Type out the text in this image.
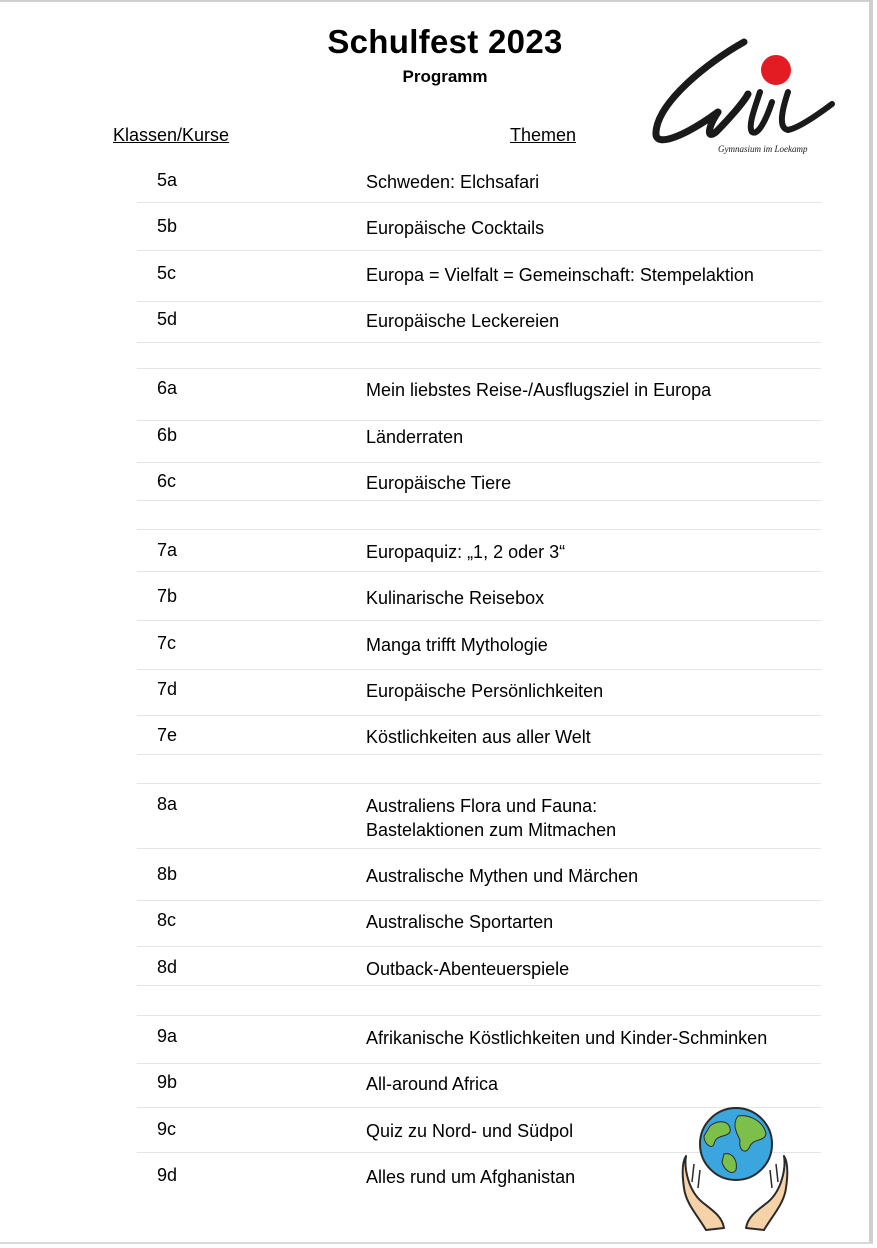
Schulfest 2023
Programm
Klassen/Kurse	Themen
Gymnasium im Loekamp
5a	Schweden: Elchsafari
5b	Europäische Cocktails
5c	Europa = Vielfalt = Gemeinschaft: Stempelaktion
5d	Europäische Leckereien
6a	Mein liebstes Reise-/Ausflugsziel in Europa
6b	Länderraten
6c	Europäische Tiere
7a	Europaquiz: „1, 2 oder 3“
7b	Kulinarische Reisebox
7c	Manga trifft Mythologie
7d	Europäische Persönlichkeiten
7e	Köstlichkeiten aus aller Welt
8a	Australiens Flora und Fauna:
Bastelaktionen zum Mitmachen
8b	Australische Mythen und Märchen
8c	Australische Sportarten
8d	Outback-Abenteuerspiele
9a	Afrikanische Köstlichkeiten und Kinder-Schminken
9b	All-around Africa
9c	Quiz zu Nord- und Südpol
9d	Alles rund um Afghanistan
